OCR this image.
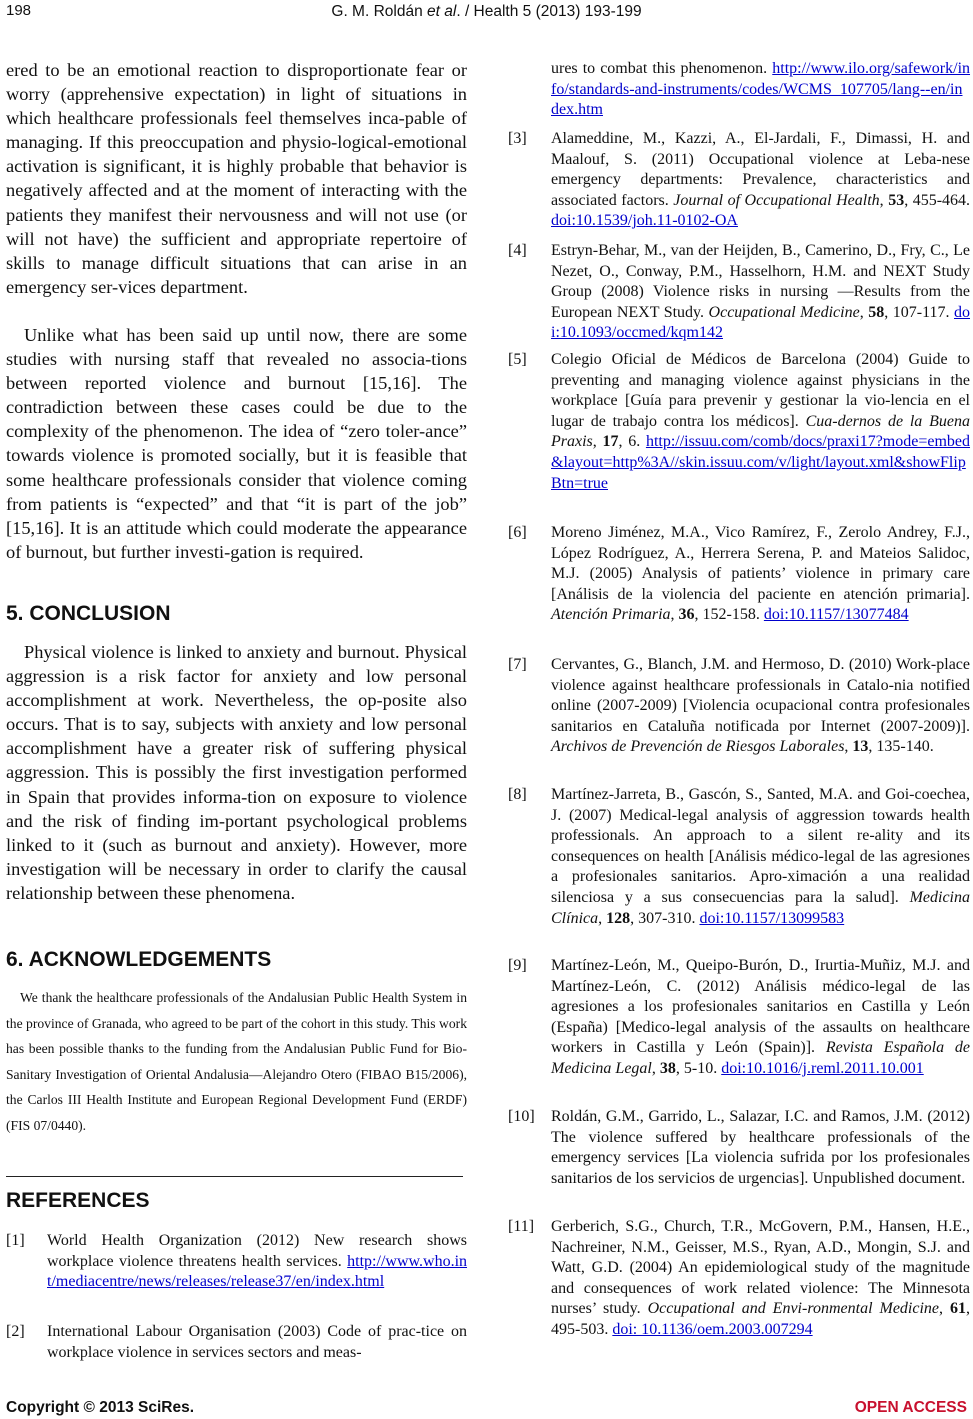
198	G. M. Roldán et al. / Health 5 (2013) 193-199

ered to be an emotional reaction to disproportionate fear or worry (apprehensive expectation) in light of situations in which healthcare professionals feel themselves inca-pable of managing. If this preoccupation and physio-logical-emotional activation is significant, it is highly probable that behavior is negatively affected and at the moment of interacting with the patients they manifest their nervousness and will not use (or will not have) the sufficient and appropriate repertoire of skills to manage difficult situations that can arise in an emergency ser-vices department.

Unlike what has been said up until now, there are some studies with nursing staff that revealed no associa-tions between reported violence and burnout [15,16]. The contradiction between these cases could be due to the complexity of the phenomenon. The idea of “zero toler-ance” towards violence is promoted socially, but it is feasible that some healthcare professionals consider that violence coming from patients is “expected” and that “it is part of the job” [15,16]. It is an attitude which could moderate the appearance of burnout, but further investi-gation is required.

5. CONCLUSION

Physical violence is linked to anxiety and burnout. Physical aggression is a risk factor for anxiety and low personal accomplishment at work. Nevertheless, the op-posite also occurs. That is to say, subjects with anxiety and low personal accomplishment have a greater risk of suffering physical aggression. This is possibly the first investigation performed in Spain that provides informa-tion on exposure to violence and the risk of finding im-portant psychological problems linked to it (such as burnout and anxiety). However, more investigation will be necessary in order to clarify the causal relationship between these phenomena.

6. ACKNOWLEDGEMENTS

We thank the healthcare professionals of the Andalusian Public Health System in the province of Granada, who agreed to be part of the cohort in this study. This work has been possible thanks to the funding from the Andalusian Public Fund for Bio-Sanitary Investigation of Oriental Andalusia—Alejandro Otero (FIBAO B15/2006), the Carlos III Health Institute and European Regional Development Fund (ERDF) (FIS 07/0440).

REFERENCES
[1] World Health Organization (2012) New research shows workplace violence threatens health services. http://www.who.int/mediacentre/news/releases/release37/en/index.html
[2] International Labour Organisation (2003) Code of prac-tice on workplace violence in services sectors and meas-
ures to combat this phenomenon. http://www.ilo.org/safework/info/standards-and-instruments/codes/WCMS_107705/lang--en/index.htm
[3] Alameddine, M., Kazzi, A., El-Jardali, F., Dimassi, H. and Maalouf, S. (2011) Occupational violence at Leba-nese emergency departments: Prevalence, characteristics and associated factors. Journal of Occupational Health, 53, 455-464. doi:10.1539/joh.11-0102-OA
[4] Estryn-Behar, M., van der Heijden, B., Camerino, D., Fry, C., Le Nezet, O., Conway, P.M., Hasselhorn, H.M. and NEXT Study Group (2008) Violence risks in nursing —Results from the European NEXT Study. Occupational Medicine, 58, 107-117. doi:10.1093/occmed/kqm142
[5] Colegio Oficial de Médicos de Barcelona (2004) Guide to preventing and managing violence against physicians in the workplace [Guía para prevenir y gestionar la vio-lencia en el lugar de trabajo contra los médicos]. Cua-dernos de la Buena Praxis, 17, 6. http://issuu.com/comb/docs/praxi17?mode=embed&layout=http%3A//skin.issuu.com/v/light/layout.xml&showFlipBtn=true
[6] Moreno Jiménez, M.A., Vico Ramírez, F., Zerolo Andrey, F.J., López Rodríguez, A., Herrera Serena, P. and Mateios Salidoc, M.J. (2005) Analysis of patients’ violence in primary care [Análisis de la violencia del paciente en atención primaria]. Atención Primaria, 36, 152-158. doi:10.1157/13077484
[7] Cervantes, G., Blanch, J.M. and Hermoso, D. (2010) Work-place violence against healthcare professionals in Catalo-nia notified online (2007-2009) [Violencia ocupacional contra profesionales sanitarios en Cataluña notificada por Internet (2007-2009)]. Archivos de Prevención de Riesgos Laborales, 13, 135-140.
[8] Martínez-Jarreta, B., Gascón, S., Santed, M.A. and Goi-coechea, J. (2007) Medical-legal analysis of aggression towards health professionals. An approach to a silent re-ality and its consequences on health [Análisis médico-legal de las agresiones a profesionales sanitarios. Apro-ximación a una realidad silenciosa y a sus consecuencias para la salud]. Medicina Clínica, 128, 307-310. doi:10.1157/13099583
[9] Martínez-León, M., Queipo-Burón, D., Irurtia-Muñiz, M.J. and Martínez-León, C. (2012) Análisis médico-legal de las agresiones a los profesionales sanitarios en Castilla y León (España) [Medico-legal analysis of the assaults on healthcare workers in Castilla y León (Spain)]. Revista Española de Medicina Legal, 38, 5-10. doi:10.1016/j.reml.2011.10.001
[10] Roldán, G.M., Garrido, L., Salazar, I.C. and Ramos, J.M. (2012) The violence suffered by healthcare professionals of the emergency services [La violencia sufrida por los profesionales sanitarios de los servicios de urgencias]. Unpublished document.
[11] Gerberich, S.G., Church, T.R., McGovern, P.M., Hansen, H.E., Nachreiner, N.M., Geisser, M.S., Ryan, A.D., Mongin, S.J. and Watt, G.D. (2004) An epidemiological study of the magnitude and consequences of work related violence: The Minnesota nurses’ study. Occupational and Envi-ronmental Medicine, 61, 495-503. doi: 10.1136/oem.2003.007294
Copyright © 2013 SciRes.	OPEN ACCESS
